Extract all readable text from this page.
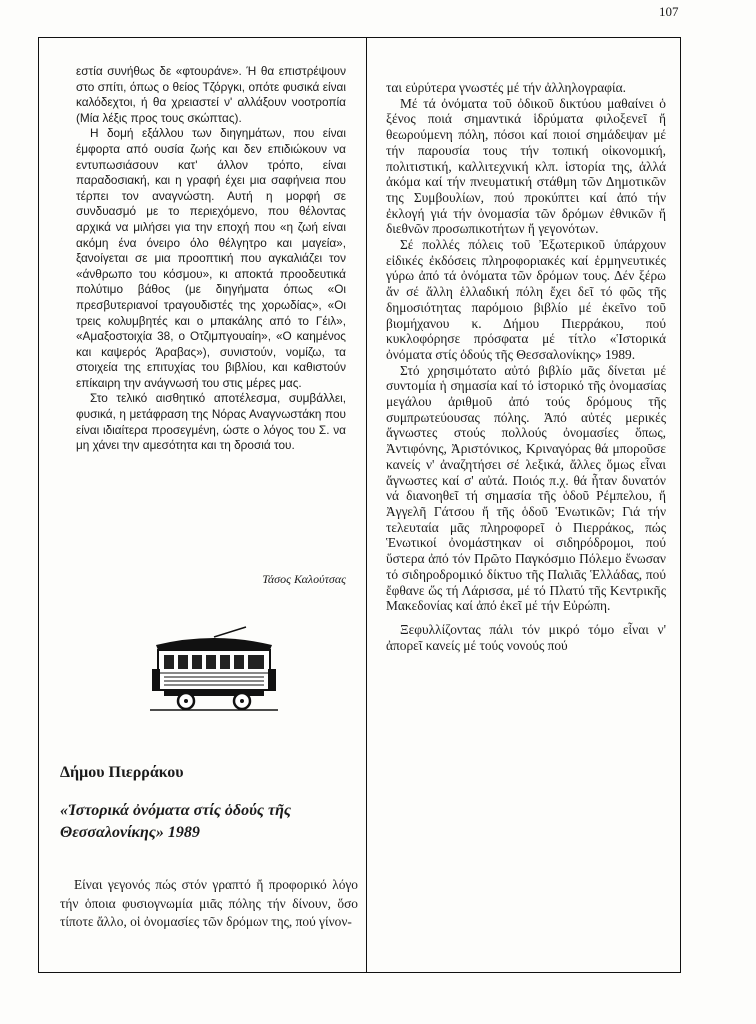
107

εστία συνήθως δε «φτουράνε». Ή θα επιστρέψουν στο σπίτι, όπως ο θείος Τζόργκι, οπότε φυσικά είναι καλόδεχτοι, ή θα χρειαστεί ν' αλλάξουν νοοτροπία (Μία λέξις προς τους σκώπτας).

Η δομή εξάλλου των διηγημάτων, που είναι έμφορτα από ουσία ζωής και δεν επιδιώκουν να εντυπωσιάσουν κατ' άλλον τρόπο, είναι παραδοσιακή, και η γραφή έχει μια σαφήνεια που τέρπει τον αναγνώστη. Αυτή η μορφή σε συνδυασμό με το περιεχόμενο, που θέλοντας αρχικά να μιλήσει για την εποχή που «η ζωή είναι ακόμη ένα όνειρο όλο θέλγητρο και μαγεία», ξανοίγεται σε μια προοπτική που αγκαλιάζει τον «άνθρωπο του κόσμου», κι αποκτά προοδευτικά πολύτιμο βάθος (με διηγήματα όπως «Οι πρεσβυτεριανοί τραγουδιστές της χορωδίας», «Οι τρεις κολυμβητές και ο μπακάλης από το Γέιλ», «Αμαξοστοιχία 38, ο Οτζιμπγουαίη», «Ο καημένος και καψερός Άραβας»), συνιστούν, νομίζω, τα στοιχεία της επιτυχίας του βιβλίου, και καθιστούν επίκαιρη την ανάγνωσή του στις μέρες μας.

Στο τελικό αισθητικό αποτέλεσμα, συμβάλλει, φυσικά, η μετάφραση της Νόρας Αναγνωστάκη που είναι ιδιαίτερα προσεγμένη, ώστε ο λόγος του Σ. να μη χάνει την αμεσότητα και τη δροσιά του.

Τάσος Καλούτσας
Δήμου Πιερράκου
«Ἱστορικά ὀνόματα στίς ὁδούς τῆς Θεσσαλονίκης» 1989

Είναι γεγονός πώς στόν γραπτό ἤ προφορικό λόγο τήν ὁποια φυσιογνωμία μιᾶς πόλης τήν δίνουν, ὅσο τίποτε ἄλλο, οἱ ὀνομασίες τῶν δρόμων της, πού γίνον-

ται εὐρύτερα γνωστές μέ τήν ἀλληλογραφία.

Μέ τά ὀνόματα τοῦ ὀδικοῦ δικτύου μαθαίνει ὁ ξένος ποιά σημαντικά ἱδρύματα φιλοξενεῖ ἤ θεωρούμενη πόλη, πόσοι καί ποιοί σημάδεψαν μέ τήν παρουσία τους τήν τοπική οἰκονομική, πολιτιστική, καλλιτεχνική κλπ. ἱστορία της, ἀλλά ἀκόμα καί τήν πνευματική στάθμη τῶν Δημοτικῶν της Συμβουλίων, πού προκύπτει καί ἀπό τήν ἐκλογή γιά τήν ὀνομασία τῶν δρόμων ἐθνικῶν ἤ διεθνῶν προσωπικοτήτων ἤ γεγονότων.

Σέ πολλές πόλεις τοῦ Ἐξωτερικοῦ ὑπάρχουν εἰδικές ἐκδόσεις πληροφοριακές καί ἑρμηνευτικές γύρω ἀπό τά ὀνόματα τῶν δρόμων τους. Δέν ξέρω ἄν σέ ἄλλη ἑλλαδική πόλη ἔχει δεῖ τό φῶς τῆς δημοσιότητας παρόμοιο βιβλίο μέ ἐκεῖνο τοῦ βιομήχανου κ. Δήμου Πιερράκου, πού κυκλοφόρησε πρόσφατα μέ τίτλο «Ἱστορικά ὀνόματα στίς ὁδούς τῆς Θεσσαλονίκης» 1989.

Στό χρησιμότατο αὐτό βιβλίο μᾶς δίνεται μέ συντομία ἡ σημασία καί τό ἱστορικό τῆς ὀνομασίας μεγάλου ἀριθμοῦ ἀπό τούς δρόμους τῆς συμπρωτεύουσας πόλης. Ἀπό αὐτές μερικές ἄγνωστες στούς πολλούς ὀνομασίες ὅπως, Ἀντιφόνης, Ἀριστόνικος, Κριναγόρας θά μποροῦσε κανείς ν' ἀναζητήσει σέ λεξικά, ἄλλες ὅμως εἶναι ἄγνωστες καί σ' αὐτά. Ποιός π.χ. θά ἦταν δυνατόν νά διανοηθεῖ τή σημασία τῆς ὁδοῦ Ρέμπελου, ἤ Ἀγγελῆ Γάτσου ἤ τῆς ὁδοῦ Ἑνωτικῶν; Γιά τήν τελευταία μᾶς πληροφορεῖ ὁ Πιερράκος, πώς Ἑνωτικοί ὀνομάστηκαν οἱ σιδηρόδρομοι, πού ὕστερα ἀπό τόν Πρῶτο Παγκόσμιο Πόλεμο ἕνωσαν τό σιδηροδρομικό δίκτυο τῆς Παλιᾶς Ἑλλάδας, πού ἔφθανε ὥς τή Λάρισσα, μέ τό Πλατύ τῆς Κεντρικῆς Μακεδονίας καί ἀπό ἐκεῖ μέ τήν Εὐρώπη.

Ξεφυλλίζοντας πάλι τόν μικρό τόμο εἶναι ν' ἀπορεῖ κανείς μέ τούς νονούς πού
